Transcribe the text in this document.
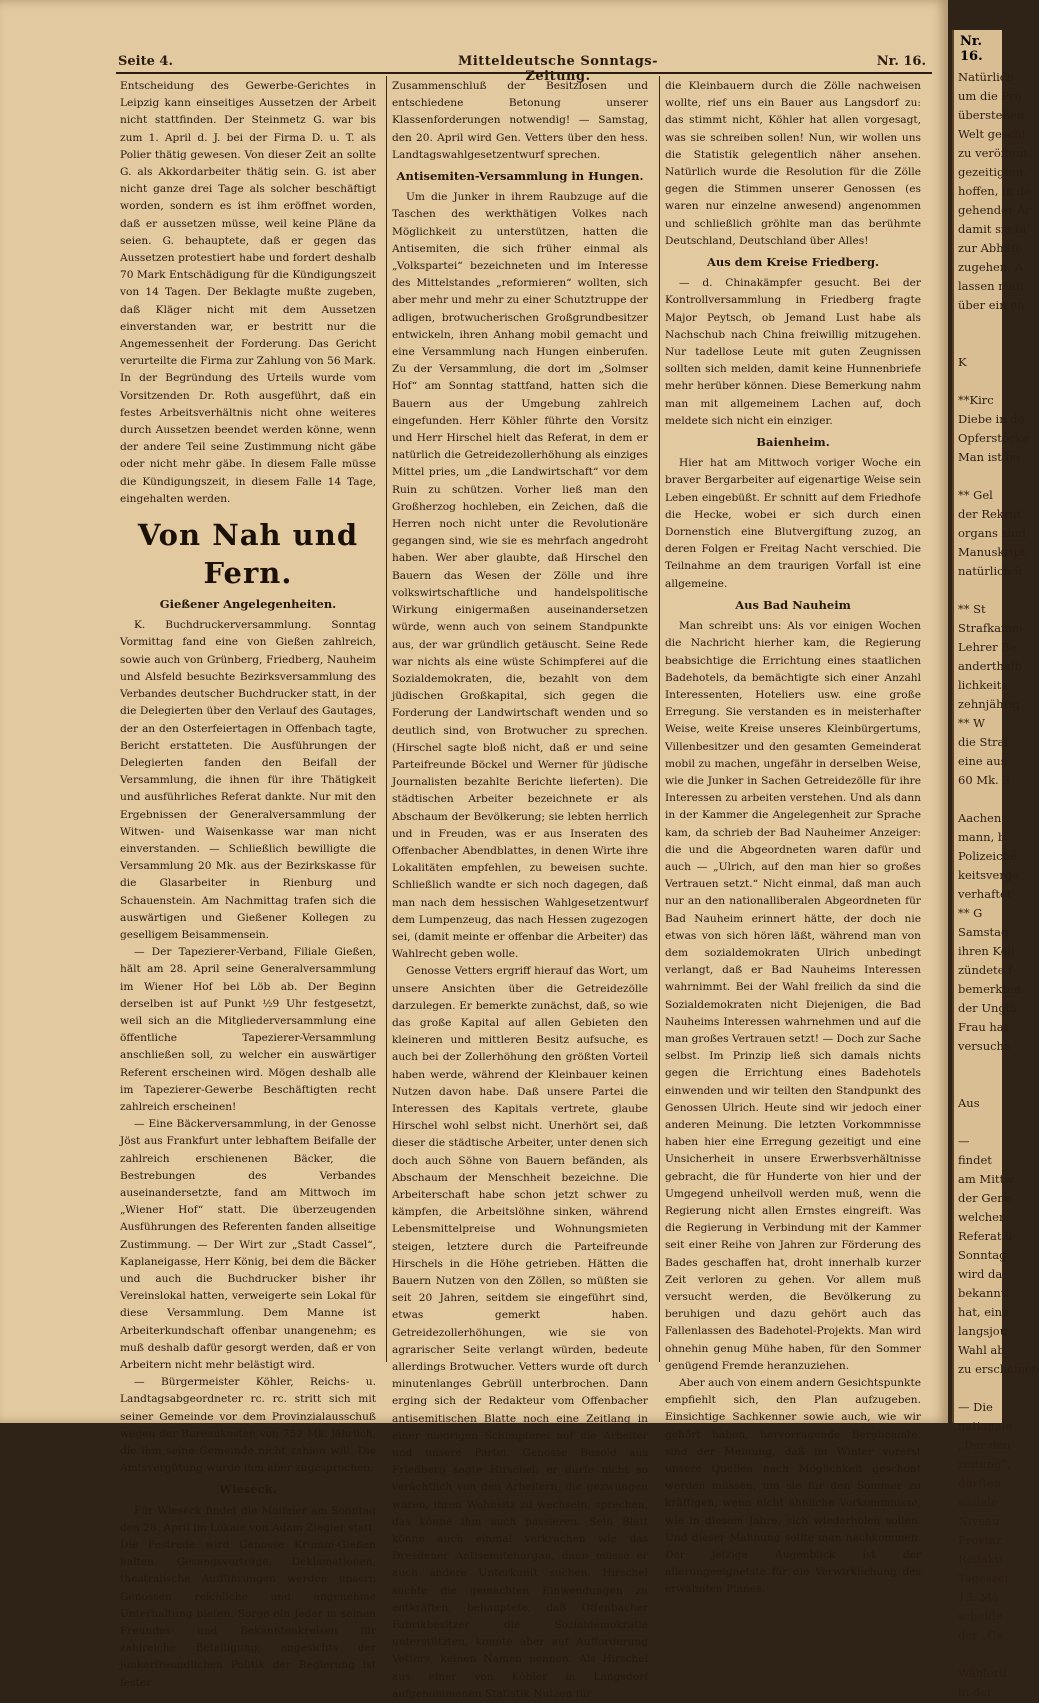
Seite 4.	Mitteldeutsche Sonntags-Zeitung.
Nr. 16.

Entscheidung des Gewerbe-Gerichtes in Leipzig kann einseitiges Aussetzen der Arbeit nicht stattfinden. Der Steinmetz G. war bis zum 1. April d. J. bei der Firma D. u. T. als Polier thätig gewesen. Von dieser Zeit an sollte G. als Akkordarbeiter thätig sein. G. ist aber nicht ganze drei Tage als solcher beschäftigt worden, sondern es ist ihm eröffnet worden, daß er aussetzen müsse, weil keine Pläne da seien. G. behauptete, daß er gegen das Aussetzen protestiert habe und fordert deshalb 70 Mark Entschädigung für die Kündigungszeit von 14 Tagen. Der Beklagte mußte zugeben, daß Kläger nicht mit dem Aussetzen einverstanden war, er bestritt nur die Angemessenheit der Forderung. Das Gericht verurteilte die Firma zur Zahlung von 56 Mark. In der Begründung des Urteils wurde vom Vorsitzenden Dr. Roth ausgeführt, daß ein festes Arbeitsverhältnis nicht ohne weiteres durch Aussetzen beendet werden könne, wenn der andere Teil seine Zustimmung nicht gäbe oder nicht mehr gäbe. In diesem Falle müsse die Kündigungszeit, in diesem Falle 14 Tage, eingehalten werden.

Von Nah und Fern.
Gießener Angelegenheiten.

K. Buchdruckerversammlung. Sonntag Vormittag fand eine von Gießen zahlreich, sowie auch von Grünberg, Friedberg, Nauheim und Alsfeld besuchte Bezirksversammlung des Verbandes deutscher Buchdrucker statt, in der die Delegierten über den Verlauf des Gautages, der an den Osterfeiertagen in Offenbach tagte, Bericht erstatteten. Die Ausführungen der Delegierten fanden den Beifall der Versammlung, die ihnen für ihre Thätigkeit und ausführliches Referat dankte. Nur mit den Ergebnissen der Generalversammlung der Witwen- und Waisenkasse war man nicht einverstanden. — Schließlich bewilligte die Versammlung 20 Mk. aus der Bezirkskasse für die Glasarbeiter in Rienburg und Schauenstein. Am Nachmittag trafen sich die auswärtigen und Gießener Kollegen zu geselligem Beisammensein.

— Der Tapezierer-Verband, Filiale Gießen, hält am 28. April seine Generalversammlung im Wiener Hof bei Löb ab. Der Beginn derselben ist auf Punkt ½9 Uhr festgesetzt, weil sich an die Mitgliederversammlung eine öffentliche Tapezierer-Versammlung anschließen soll, zu welcher ein auswärtiger Referent erscheinen wird. Mögen deshalb alle im Tapezierer-Gewerbe Beschäftigten recht zahlreich erscheinen!

— Eine Bäckerversammlung, in der Genosse Jöst aus Frankfurt unter lebhaftem Beifalle der zahlreich erschienenen Bäcker, die Bestrebungen des Verbandes auseinandersetzte, fand am Mittwoch im „Wiener Hof“ statt. Die überzeugenden Ausführungen des Referenten fanden allseitige Zustimmung. — Der Wirt zur „Stadt Cassel“, Kaplaneigasse, Herr König, bei dem die Bäcker und auch die Buchdrucker bisher ihr Vereinslokal hatten, verweigerte sein Lokal für diese Versammlung. Dem Manne ist Arbeiterkundschaft offenbar unangenehm; es muß deshalb dafür gesorgt werden, daß er von Arbeitern nicht mehr belästigt wird.

— Bürgermeister Köhler, Reichs- u. Landtagsabgeordneter rc. rc. stritt sich mit seiner Gemeinde vor dem Provinzialausschuß wegen der Bureaukosten von 752 Mk. jährlich, die ihm seine Gemeinde nicht zahlen will. Die Amtsvergütung wurde ihm aber zugesprochen.

Wieseck.

Für Wieseck findet die Maifeier am Sonntag den 28. April im Lokale von Adam Ziegler statt. Die Festrede wird Genosse Krumm-Gießen halten. Gesangsvorträge, Deklamationen, theatralische Aufführungen werden unsern Genossen reichliche und angenehme Unterhaltung bieten. Sorge ein Jeder in seinen Freundes- und Bekanntenkreisen für zahlreiche Beteiligung; angesichts der junkerfreundlichen Politik der Regierung ist fester

Zusammenschluß der Besitzlosen und entschiedene Betonung unserer Klassenforderungen notwendig! — Samstag, den 20. April wird Gen. Vetters über den hess. Landtagswahlgesetzentwurf sprechen.

Antisemiten-Versammlung in Hungen.

Um die Junker in ihrem Raubzuge auf die Taschen des werkthätigen Volkes nach Möglichkeit zu unterstützen, hatten die Antisemiten, die sich früher einmal als „Volkspartei“ bezeichneten und im Interesse des Mittelstandes „reformieren“ wollten, sich aber mehr und mehr zu einer Schutztruppe der adligen, brotwucherischen Großgrundbesitzer entwickeln, ihren Anhang mobil gemacht und eine Versammlung nach Hungen einberufen. Zu der Versammlung, die dort im „Solmser Hof“ am Sonntag stattfand, hatten sich die Bauern aus der Umgebung zahlreich eingefunden. Herr Köhler führte den Vorsitz und Herr Hirschel hielt das Referat, in dem er natürlich die Getreidezollerhöhung als einziges Mittel pries, um „die Landwirtschaft“ vor dem Ruin zu schützen. Vorher ließ man den Großherzog hochleben, ein Zeichen, daß die Herren noch nicht unter die Revolutionäre gegangen sind, wie sie es mehrfach angedroht haben. Wer aber glaubte, daß Hirschel den Bauern das Wesen der Zölle und ihre volkswirtschaftliche und handelspolitische Wirkung einigermaßen auseinandersetzen würde, wenn auch von seinem Standpunkte aus, der war gründlich getäuscht. Seine Rede war nichts als eine wüste Schimpferei auf die Sozialdemokraten, die, bezahlt von dem jüdischen Großkapital, sich gegen die Forderung der Landwirtschaft wenden und so deutlich sind, von Brotwucher zu sprechen. (Hirschel sagte bloß nicht, daß er und seine Parteifreunde Böckel und Werner für jüdische Journalisten bezahlte Berichte lieferten). Die städtischen Arbeiter bezeichnete er als Abschaum der Bevölkerung; sie lebten herrlich und in Freuden, was er aus Inseraten des Offenbacher Abendblattes, in denen Wirte ihre Lokalitäten empfehlen, zu beweisen suchte. Schließlich wandte er sich noch dagegen, daß man nach dem hessischen Wahlgesetzentwurf dem Lumpenzeug, das nach Hessen zugezogen sei, (damit meinte er offenbar die Arbeiter) das Wahlrecht geben wolle.

Genosse Vetters ergriff hierauf das Wort, um unsere Ansichten über die Getreidezölle darzulegen. Er bemerkte zunächst, daß, so wie das große Kapital auf allen Gebieten den kleineren und mittleren Besitz aufsuche, es auch bei der Zollerhöhung den größten Vorteil haben werde, während der Kleinbauer keinen Nutzen davon habe. Daß unsere Partei die Interessen des Kapitals vertrete, glaube Hirschel wohl selbst nicht. Unerhört sei, daß dieser die städtische Arbeiter, unter denen sich doch auch Söhne von Bauern befänden, als Abschaum der Menschheit bezeichne. Die Arbeiterschaft habe schon jetzt schwer zu kämpfen, die Arbeitslöhne sinken, während Lebensmittelpreise und Wohnungsmieten steigen, letztere durch die Parteifreunde Hirschels in die Höhe getrieben. Hätten die Bauern Nutzen von den Zöllen, so müßten sie seit 20 Jahren, seitdem sie eingeführt sind, etwas gemerkt haben. Getreidezollerhöhungen, wie sie von agrarischer Seite verlangt würden, bedeute allerdings Brotwucher. Vetters wurde oft durch minutenlanges Gebrüll unterbrochen. Dann erging sich der Redakteur vom Offenbacher antisemitischen Blatte noch eine Zeitlang in einer niedrigen Schimpferei auf die Arbeiter und unsere Partei. Genosse Busold aus Friedberg sagte Hirschel: er dürfe nicht so verächtlich von den Arbeitern, die gezwungen wären, ihren Wohnsitz zu wechseln, sprechen, das könne ihm auch passieren. Sein Blatt könne auch einmal verkrachen wie das Dresdener Antisemitenorgan, dann müsse er auch andere Unterkunft suchen. Hirschel suchte die gemachten Einwendungen zu entkräften, behauptete, daß Offenbacher Fabrikbesitzer die Sozialdemokratie unterstützten, konnte aber auf Aufforderung Vetters, keinen Namen nennen. Als Hirschel aus einer von Köhler in Langsdorf aufgenommenen Statistik Nutzen für

die Kleinbauern durch die Zölle nachweisen wollte, rief uns ein Bauer aus Langsdorf zu: das stimmt nicht, Köhler hat allen vorgesagt, was sie schreiben sollen! Nun, wir wollen uns die Statistik gelegentlich näher ansehen. Natürlich wurde die Resolution für die Zölle gegen die Stimmen unserer Genossen (es waren nur einzelne anwesend) angenommen und schließlich gröhlte man das berühmte Deutschland, Deutschland über Alles!

Aus dem Kreise Friedberg.

— d. Chinakämpfer gesucht. Bei der Kontrollversammlung in Friedberg fragte Major Peytsch, ob Jemand Lust habe als Nachschub nach China freiwillig mitzugehen. Nur tadellose Leute mit guten Zeugnissen sollten sich melden, damit keine Hunnenbriefe mehr herüber können. Diese Bemerkung nahm man mit allgemeinem Lachen auf, doch meldete sich nicht ein einziger.

Baienheim.

Hier hat am Mittwoch voriger Woche ein braver Bergarbeiter auf eigenartige Weise sein Leben eingebüßt. Er schnitt auf dem Friedhofe die Hecke, wobei er sich durch einen Dornenstich eine Blutvergiftung zuzog, an deren Folgen er Freitag Nacht verschied. Die Teilnahme an dem traurigen Vorfall ist eine allgemeine.

Aus Bad Nauheim

Man schreibt uns: Als vor einigen Wochen die Nachricht hierher kam, die Regierung beabsichtige die Errichtung eines staatlichen Badehotels, da bemächtigte sich einer Anzahl Interessenten, Hoteliers usw. eine große Erregung. Sie verstanden es in meisterhafter Weise, weite Kreise unseres Kleinbürgertums, Villenbesitzer und den gesamten Gemeinderat mobil zu machen, ungefähr in derselben Weise, wie die Junker in Sachen Getreidezölle für ihre Interessen zu arbeiten verstehen. Und als dann in der Kammer die Angelegenheit zur Sprache kam, da schrieb der Bad Nauheimer Anzeiger: die und die Abgeordneten waren dafür und auch — „Ulrich, auf den man hier so großes Vertrauen setzt.“ Nicht einmal, daß man auch nur an den nationalliberalen Abgeordneten für Bad Nauheim erinnert hätte, der doch nie etwas von sich hören läßt, während man von dem sozialdemokraten Ulrich unbedingt verlangt, daß er Bad Nauheims Interessen wahrnimmt. Bei der Wahl freilich da sind die Sozialdemokraten nicht Diejenigen, die Bad Nauheims Interessen wahrnehmen und auf die man großes Vertrauen setzt! — Doch zur Sache selbst. Im Prinzip ließ sich damals nichts gegen die Errichtung eines Badehotels einwenden und wir teilten den Standpunkt des Genossen Ulrich. Heute sind wir jedoch einer anderen Meinung. Die letzten Vorkommnisse haben hier eine Erregung gezeitigt und eine Unsicherheit in unsere Erwerbsverhältnisse gebracht, die für Hunderte von hier und der Umgegend unheilvoll werden muß, wenn die Regierung nicht allen Ernstes eingreift. Was die Regierung in Verbindung mit der Kammer seit einer Reihe von Jahren zur Förderung des Bades geschaffen hat, droht innerhalb kurzer Zeit verloren zu gehen. Vor allem muß versucht werden, die Bevölkerung zu beruhigen und dazu gehört auch das Fallenlassen des Badehotel-Projekts. Man wird ohnehin genug Mühe haben, für den Sommer genügend Fremde heranzuziehen.

Aber auch von einem andern Gesichtspunkte empfiehlt sich, den Plan aufzugeben. Einsichtige Sachkenner sowie auch, wie wir gehört haben, hervorragende Bergbeamte, sind der Meinung, daß im Winter vorerst unsere Quellen nach Möglichkeit geschont werden müssen, um sie für den Sommer zu kräftigen, wenn nicht ähnliche Vorkommnisse, wie in diesem Jahre, sich wiederholen sollen. Und dieser Mahnung sollte man nachkommen. Der jetzige Augenblick ist der allerungeeignetste für die Verwirklichung des erwähnten Planes.

Nr. 16.
Natürlich
um die Pro
überstehen
Welt geschi
zu veröffent
gezeitigten,
hoffen, in de
gehender Ar
damit sie bi
zur Abhilfe
zugehen. A
lassen man
über ein en

K

**Kirc
Diebe in de
Opferstöcke
Man ist be

** Gel
der Rekrut
organs sind
Manuskript
natürlich ü

** St
Strafkamm
Lehrer Be
anderthalb
lichkeits
zehnjährig
** W
die Straf
eine aus
60 Mk. 3

Aachen
mann, b
Polizeiche
keitsverge
verhaftet.
** G
Samstag
ihren Kell
zündete f
bemerkten
der Unglü
Frau hat
versuche

Aus

—
findet
am Mittw
der Gene
welcher
Referat ü
Sonntag
wird da
bekanntl
hat, eine
langsjou
Wahl ab
zu erscheinen

— Die
nationale
„Der deu
zeitung“,
dürften
soziale
Niveau
Provinz
Redakti
Tageszei
15. Mä
scheide
der „Ge

Wählerli
in der
